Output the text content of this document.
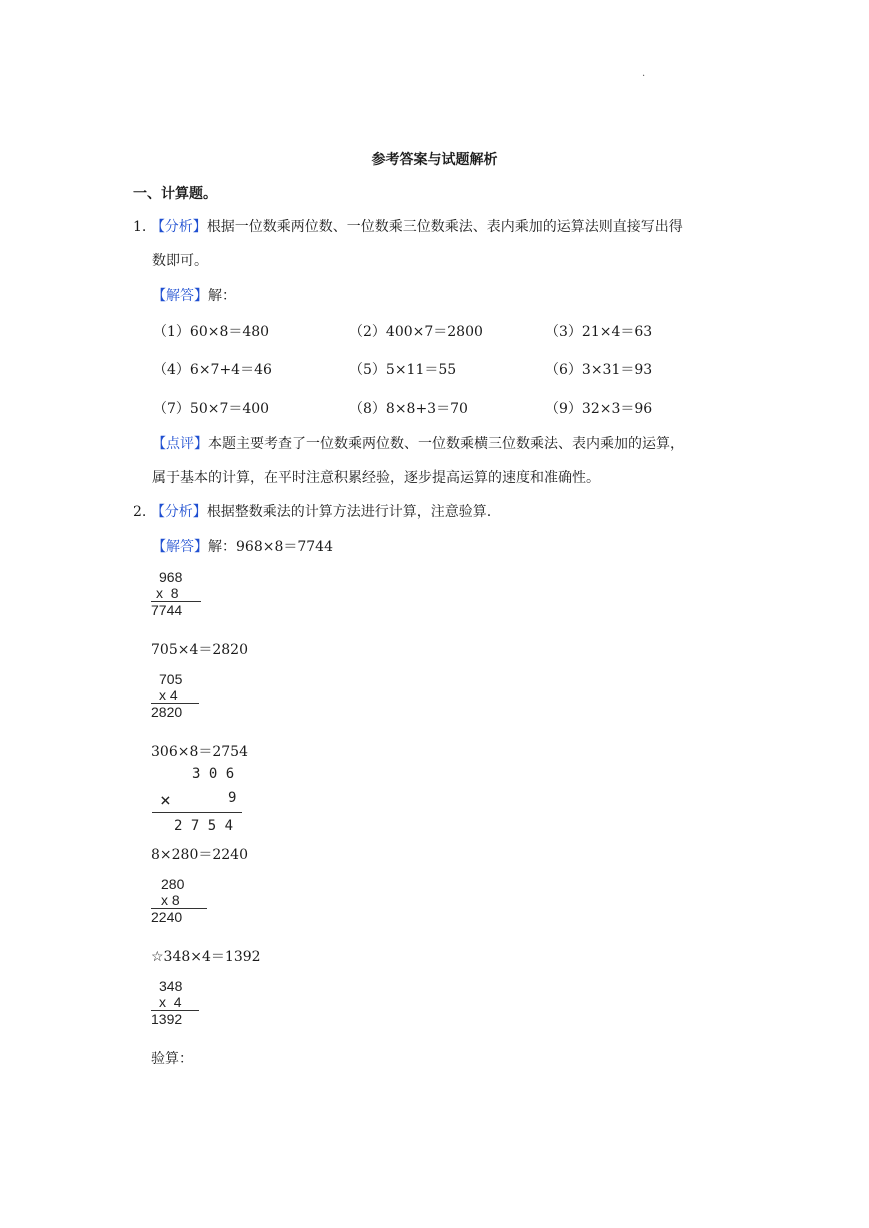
.
参考答案与试题解析
一、计算题。
1. 【分析】根据一位数乘两位数、一位数乘三位数乘法、表内乘加的运算法则直接写出得
数即可。
【解答】解：
（1）60×8＝480	（2）400×7＝2800	（3）21×4＝63
（4）6×7+4＝46	（5）5×11＝55	（6）3×31＝93
（7）50×7＝400	（8）8×8+3＝70	（9）32×3＝96
【点评】本题主要考查了一位数乘两位数、一位数乘横三位数乘法、表内乘加的运算，
属于基本的计算，在平时注意积累经验，逐步提高运算的速度和准确性。
2. 【分析】根据整数乘法的计算方法进行计算，注意验算.
【解答】解：968×8＝7744
968
x  8
7744
705×4＝2820
705
x 4
2820
306×8＝2754
3 0 6
×	9
2 7 5 4
8×280＝2240
280
x 8
2240
☆348×4＝1392
348
x  4
1392
验算：
